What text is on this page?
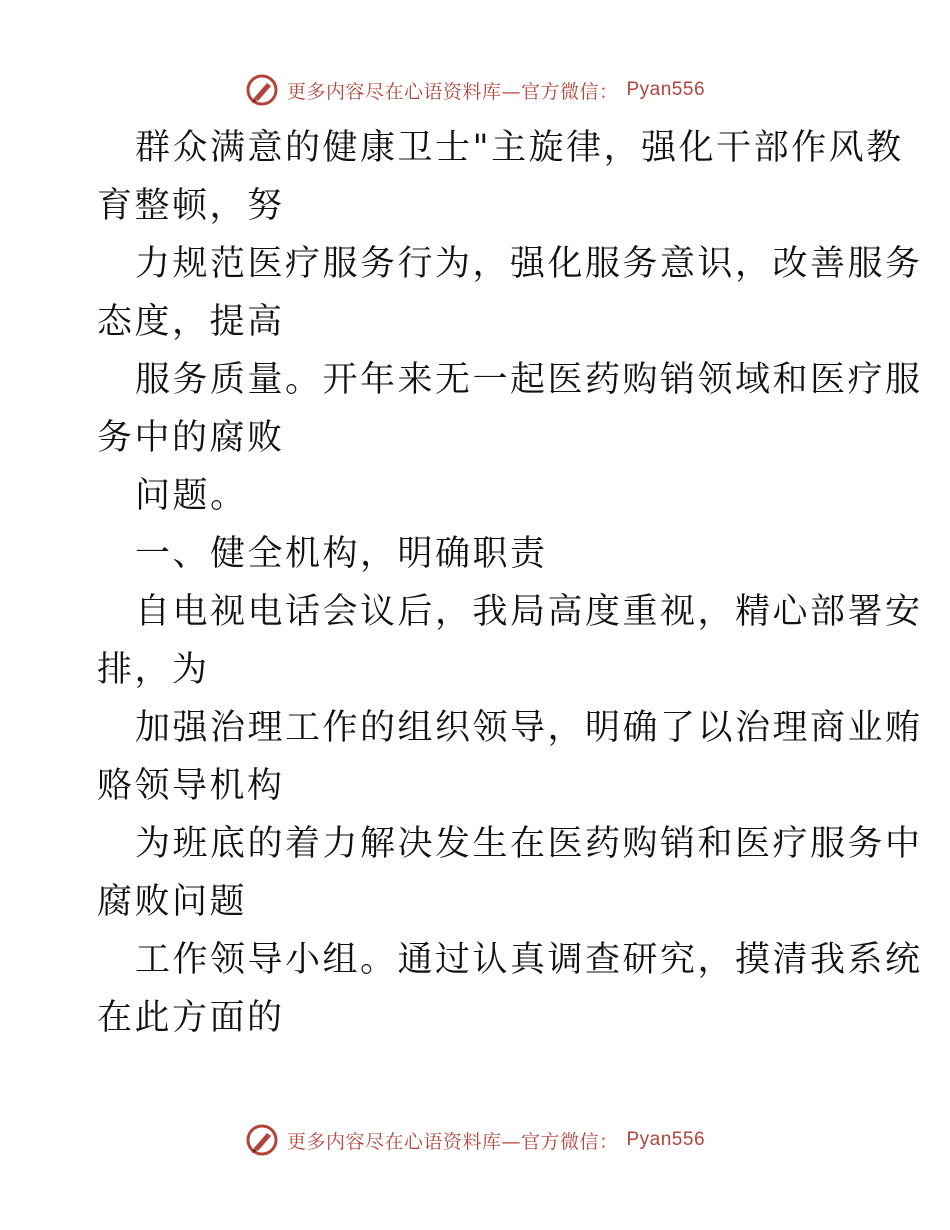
更多内容尽在心语资料库—官方微信： Pyan556
群众满意的健康卫士"主旋律，强化干部作风教
育整顿，努
力规范医疗服务行为，强化服务意识，改善服务
态度，提高
服务质量。开年来无一起医药购销领域和医疗服
务中的腐败
问题。
一、健全机构，明确职责
自电视电话会议后，我局高度重视，精心部署安
排，为
加强治理工作的组织领导，明确了以治理商业贿
赂领导机构
为班底的着力解决发生在医药购销和医疗服务中
腐败问题
工作领导小组。通过认真调查研究，摸清我系统
在此方面的
更多内容尽在心语资料库—官方微信： Pyan556
